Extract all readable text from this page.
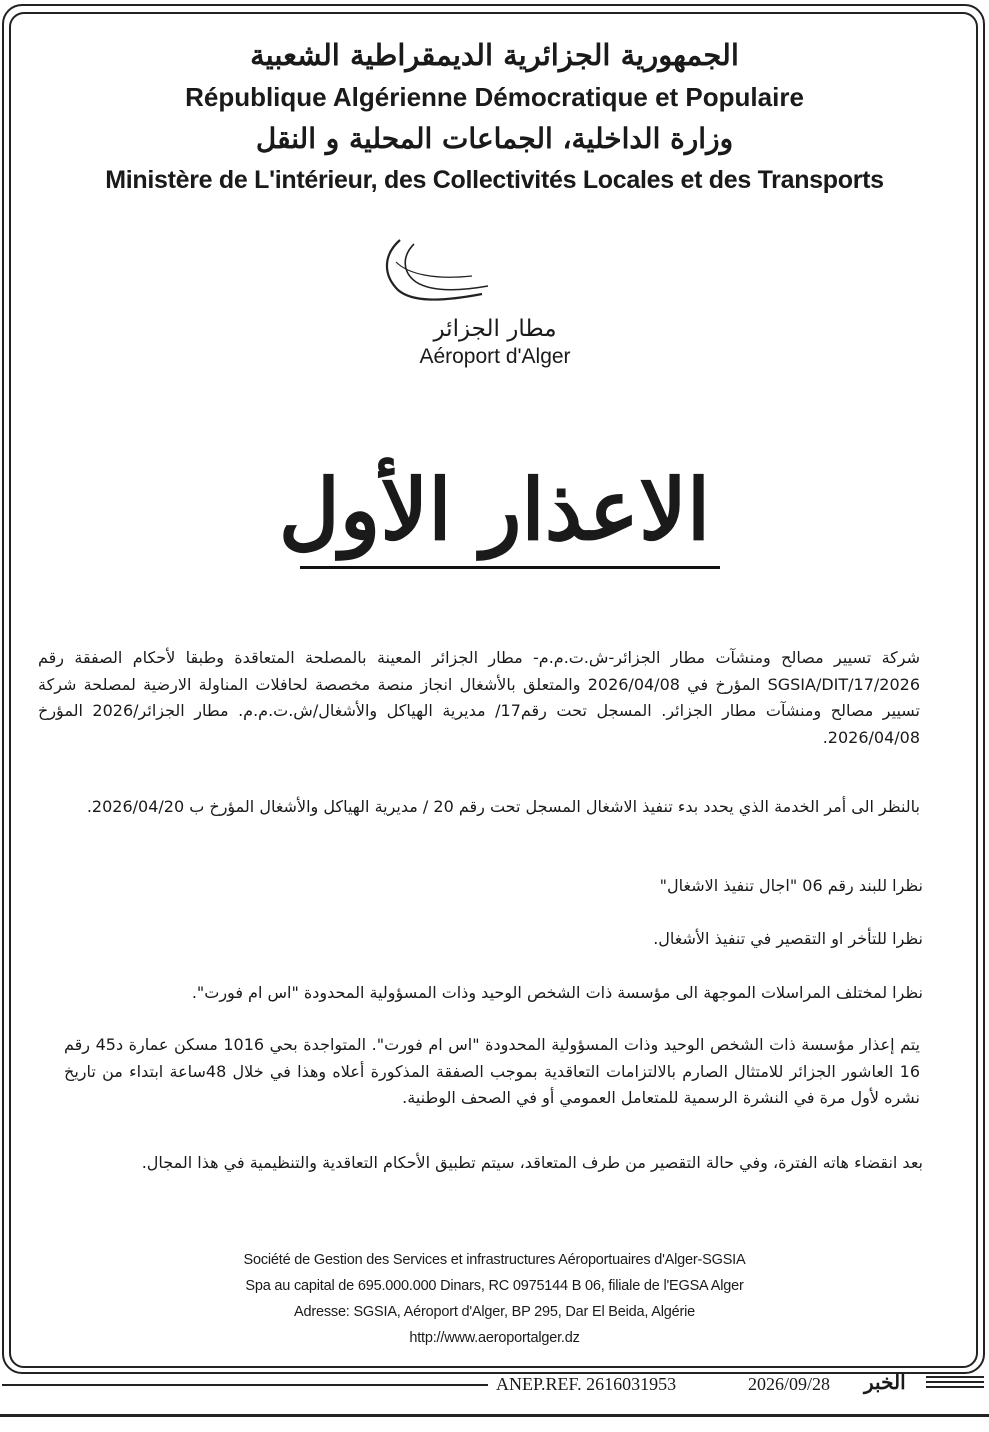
الجمهورية الجزائرية الديمقراطية الشعبية
République Algérienne Démocratique et Populaire
وزارة الداخلية، الجماعات المحلية و النقل
Ministère de L'intérieur, des Collectivités Locales et des Transports
مطار الجزائر
Aéroport d'Alger
الاعذار الأول
شركة تسيير مصالح ومنشآت مطار الجزائر-ش.ت.م.م- مطار الجزائر المعينة بالمصلحة المتعاقدة وطبقا لأحكام الصفقة رقم 2026/SGSIA/DIT/17 المؤرخ في 2026/04/08 والمتعلق بالأشغال انجاز منصة مخصصة لحافلات المناولة الارضية لمصلحة شركة تسيير مصالح ومنشآت مطار الجزائر. المسجل تحت رقم17/ مديرية الهياكل والأشغال/ش.ت.م.م. مطار الجزائر/2026 المؤرخ 2026/04/08.
بالنظر الى أمر الخدمة الذي يحدد بدء تنفيذ الاشغال المسجل تحت رقم 20 / مديرية الهياكل والأشغال المؤرخ ب 2026/04/20.
نظرا للبند رقم 06 "اجال تنفيذ الاشغال"
نظرا للتأخر او التقصير في تنفيذ الأشغال.
نظرا لمختلف المراسلات الموجهة الى مؤسسة ذات الشخص الوحيد وذات المسؤولية المحدودة "اس ام فورت".
يتم إعذار مؤسسة ذات الشخص الوحيد وذات المسؤولية المحدودة "اس ام فورت". المتواجدة بحي 1016 مسكن عمارة د45 رقم 16 العاشور الجزائر للامتثال الصارم بالالتزامات التعاقدية بموجب الصفقة المذكورة أعلاه وهذا في خلال 48ساعة ابتداء من تاريخ نشره لأول مرة في النشرة الرسمية للمتعامل العمومي أو في الصحف الوطنية.
بعد انقضاء هاته الفترة، وفي حالة التقصير من طرف المتعاقد، سيتم تطبيق الأحكام التعاقدية والتنظيمية في هذا المجال.
Société de Gestion des Services et infrastructures Aéroportuaires d'Alger-SGSIA
Spa au capital de 695.000.000 Dinars, RC 0975144 B 06, filiale de l'EGSA Alger
Adresse: SGSIA, Aéroport d'Alger, BP 295, Dar El Beida, Algérie
http://www.aeroportalger.dz
ANEP.REF. 2616031953	2026/09/28 الخبر
